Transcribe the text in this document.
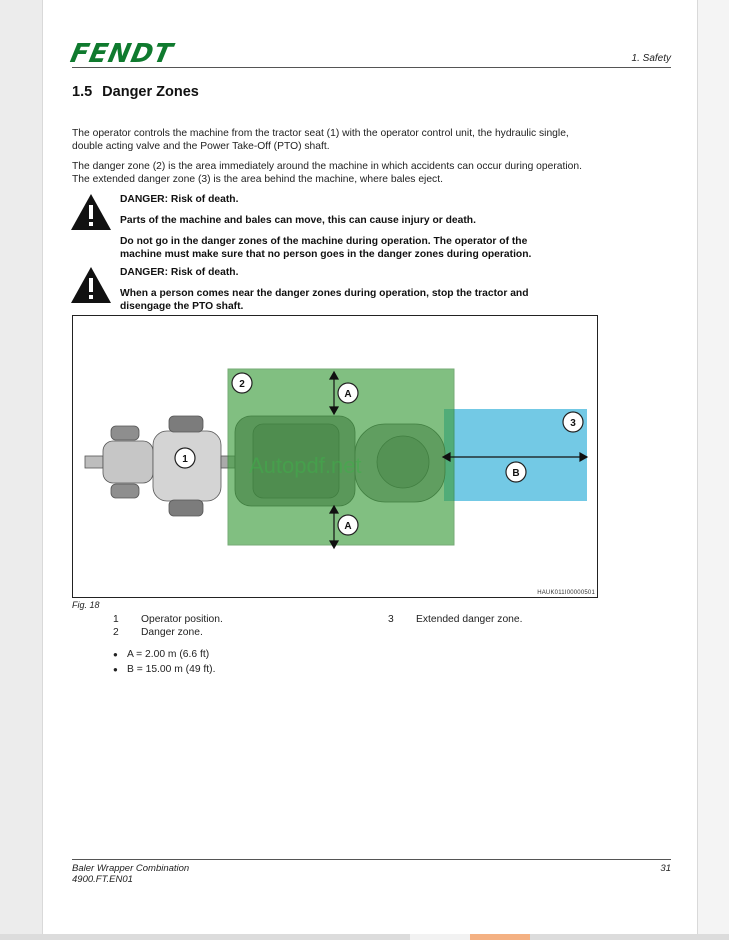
FENDT	1. Safety
1.5 Danger Zones
The operator controls the machine from the tractor seat (1) with the operator control unit, the hydraulic single, double acting valve and the Power Take-Off (PTO) shaft.
The danger zone (2) is the area immediately around the machine in which accidents can occur during operation. The extended danger zone (3) is the area behind the machine, where bales eject.

DANGER: Risk of death.

Parts of the machine and bales can move, this can cause injury or death.

Do not go in the danger zones of the machine during operation. The operator of the machine must make sure that no person goes in the danger zones during operation.

DANGER: Risk of death.

When a person comes near the danger zones during operation, stop the tractor and disengage the PTO shaft.

1
2
3
A
A
B
Autopdf.net
HAUK011I00000501
Fig. 18
1 Operator position.
2 Danger zone.
3 Extended danger zone.
● A = 2.00 m (6.6 ft)
● B = 15.00 m (49 ft).
Baler Wrapper Combination
4900.FT.EN01
31
